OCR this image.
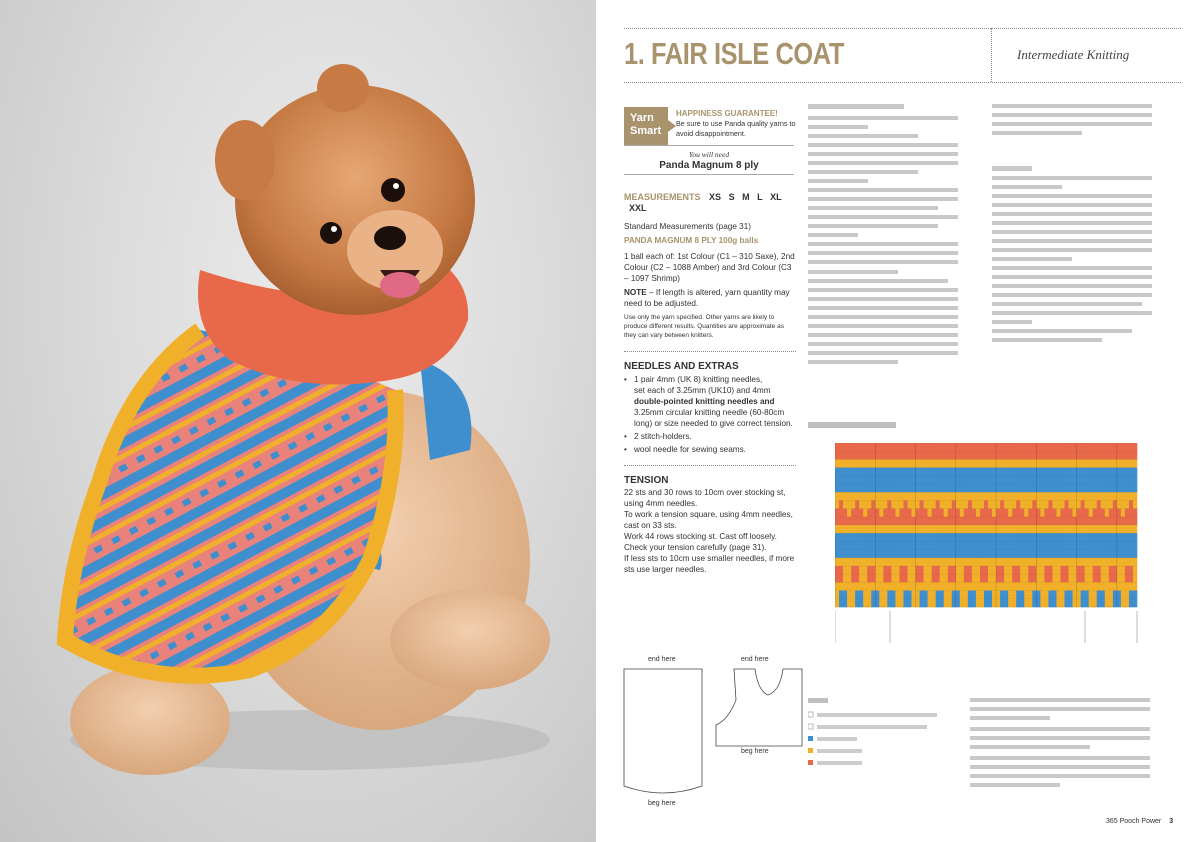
1. FAIR ISLE COAT	Intermediate Knitting
Yarn
Smart
HAPPINESS GUARANTEE!
Be sure to use Panda quality yarns to avoid disappointment.
You will need
Panda Magnum 8 ply
MEASUREMENTS XS S M L XL XXL
Standard Measurements (page 31)
PANDA MAGNUM 8 PLY 100g balls
1 ball each of: 1st Colour (C1 – 310 Saxe), 2nd Colour (C2 – 1088 Amber) and 3rd Colour (C3 – 1097 Shrimp)
NOTE – If length is altered, yarn quantity may need to be adjusted.
Use only the yarn specified. Other yarns are likely to produce different results. Quantities are approximate as they can vary between knitters.
NEEDLES AND EXTRAS
• 1 pair 4mm (UK 8) knitting needles,
set each of 3.25mm (UK10) and 4mm
double-pointed knitting needles and
3.25mm circular knitting needle (60-80cm long) or size needed to give correct tension.
• 2 stitch-holders.
• wool needle for sewing seams.
TENSION
22 sts and 30 rows to 10cm over stocking st, using 4mm needles.
To work a tension square, using 4mm needles, cast on 33 sts.
Work 44 rows stocking st. Cast off loosely.
Check your tension carefully (page 31).
If less sts to 10cm use smaller needles, if more sts use larger needles.
end here
beg here
end here
beg here
365 Pooch Power 3
